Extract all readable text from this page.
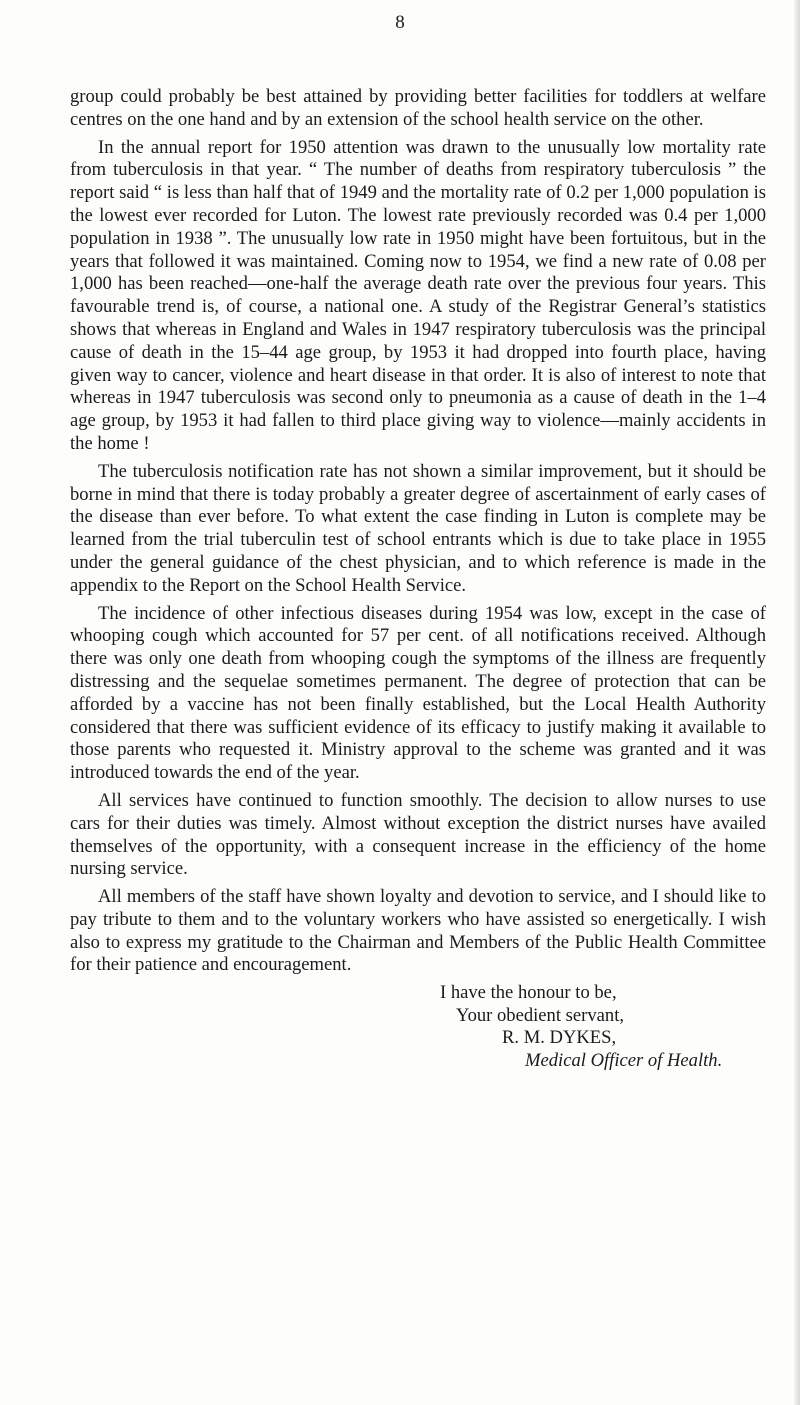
8

group could probably be best attained by providing better facilities for toddlers at welfare centres on the one hand and by an extension of the school health service on the other.

In the annual report for 1950 attention was drawn to the unusually low mortality rate from tuberculosis in that year. “ The number of deaths from respiratory tuberculosis ” the report said “ is less than half that of 1949 and the mortality rate of 0.2 per 1,000 population is the lowest ever recorded for Luton. The lowest rate previously recorded was 0.4 per 1,000 population in 1938 ”. The unusually low rate in 1950 might have been fortuitous, but in the years that followed it was maintained. Coming now to 1954, we find a new rate of 0.08 per 1,000 has been reached—one-half the average death rate over the previous four years. This favourable trend is, of course, a national one. A study of the Registrar General’s statistics shows that whereas in England and Wales in 1947 respiratory tuberculosis was the principal cause of death in the 15–44 age group, by 1953 it had dropped into fourth place, having given way to cancer, violence and heart disease in that order. It is also of interest to note that whereas in 1947 tuberculosis was second only to pneumonia as a cause of death in the 1–4 age group, by 1953 it had fallen to third place giving way to violence—mainly accidents in the home !

The tuberculosis notification rate has not shown a similar improvement, but it should be borne in mind that there is today probably a greater degree of ascertainment of early cases of the disease than ever before. To what extent the case finding in Luton is complete may be learned from the trial tuberculin test of school entrants which is due to take place in 1955 under the general guidance of the chest physician, and to which reference is made in the appendix to the Report on the School Health Service.

The incidence of other infectious diseases during 1954 was low, except in the case of whooping cough which accounted for 57 per cent. of all notifications received. Although there was only one death from whooping cough the symptoms of the illness are frequently distressing and the sequelae sometimes permanent. The degree of protection that can be afforded by a vaccine has not been finally established, but the Local Health Authority considered that there was sufficient evidence of its efficacy to justify making it available to those parents who requested it. Ministry approval to the scheme was granted and it was introduced towards the end of the year.

All services have continued to function smoothly. The decision to allow nurses to use cars for their duties was timely. Almost without exception the district nurses have availed themselves of the opportunity, with a consequent increase in the efficiency of the home nursing service.

All members of the staff have shown loyalty and devotion to service, and I should like to pay tribute to them and to the voluntary workers who have assisted so energetically. I wish also to express my gratitude to the Chairman and Members of the Public Health Committee for their patience and encouragement.

I have the honour to be,
Your obedient servant,
R. M. DYKES,
Medical Officer of Health.
